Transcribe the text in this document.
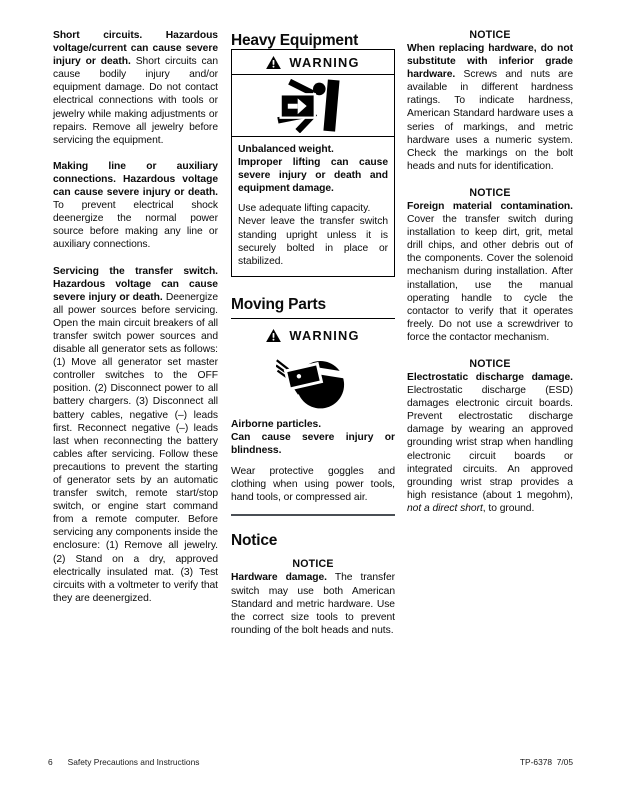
Short circuits. Hazardous voltage/current can cause severe injury or death. Short circuits can cause bodily injury and/or equipment damage. Do not contact electrical connections with tools or jewelry while making adjustments or repairs. Remove all jewelry before servicing the equipment.

Making line or auxiliary connections. Hazardous voltage can cause severe injury or death. To prevent electrical shock deenergize the normal power source before making any line or auxiliary connections.

Servicing the transfer switch. Hazardous voltage can cause severe injury or death. Deenergize all power sources before servicing. Open the main circuit breakers of all transfer switch power sources and disable all generator sets as follows: (1) Move all generator set master controller switches to the OFF position. (2) Disconnect power to all battery chargers. (3) Disconnect all battery cables, negative (–) leads first. Reconnect negative (–) leads last when reconnecting the battery cables after servicing. Follow these precautions to prevent the starting of generator sets by an automatic transfer switch, remote start/stop switch, or engine start command from a remote computer. Before servicing any components inside the enclosure: (1) Remove all jewelry. (2) Stand on a dry, approved electrically insulated mat. (3) Test circuits with a voltmeter to verify that they are deenergized.

Heavy Equipment
WARNING
Unbalanced weight.
Improper lifting can cause severe injury or death and equipment damage.
Use adequate lifting capacity.
Never leave the transfer switch standing upright unless it is securely bolted in place or stabilized.
Moving Parts
WARNING
Airborne particles.
Can cause severe injury or blindness.
Wear protective goggles and clothing when using power tools, hand tools, or compressed air.
Notice
NOTICE

Hardware damage. The transfer switch may use both American Standard and metric hardware. Use the correct size tools to prevent rounding of the bolt heads and nuts.

NOTICE

When replacing hardware, do not substitute with inferior grade hardware. Screws and nuts are available in different hardness ratings. To indicate hardness, American Standard hardware uses a series of markings, and metric hardware uses a numeric system. Check the markings on the bolt heads and nuts for identification.

NOTICE

Foreign material contamination. Cover the transfer switch during installation to keep dirt, grit, metal drill chips, and other debris out of the components. Cover the solenoid mechanism during installation. After installation, use the manual operating handle to cycle the contactor to verify that it operates freely. Do not use a screwdriver to force the contactor mechanism.

NOTICE

Electrostatic discharge damage. Electrostatic discharge (ESD) damages electronic circuit boards. Prevent electrostatic discharge damage by wearing an approved grounding wrist strap when handling electronic circuit boards or integrated circuits. An approved grounding wrist strap provides a high resistance (about 1 megohm), not a direct short, to ground.

6 Safety Precautions and Instructions	TP-6378  7/05
